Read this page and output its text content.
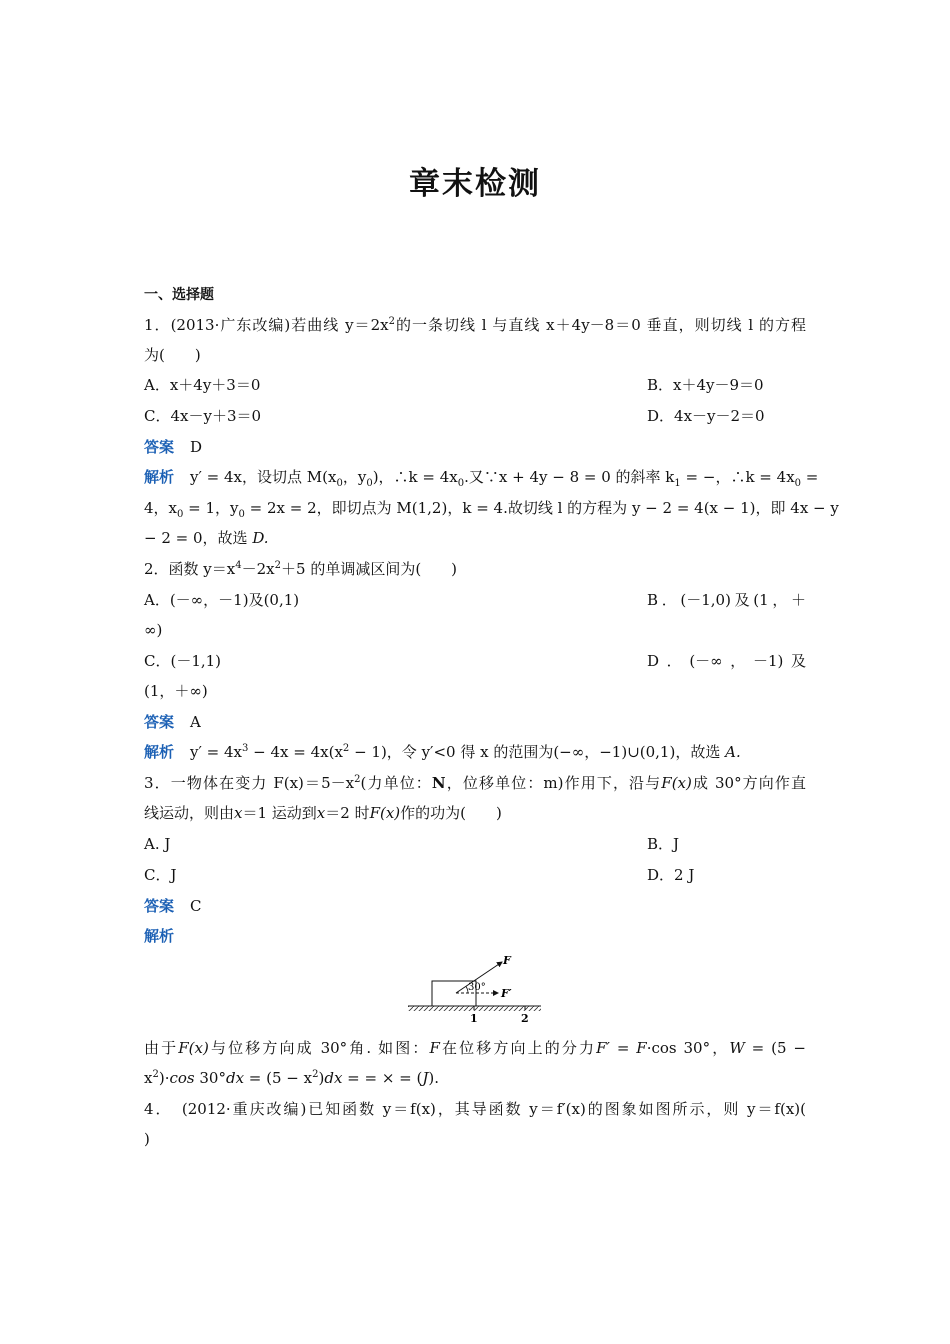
章末检测
一、选择题
1．(2013·广东改编)若曲线 $y=2x^2$的一条切线 l 与直线 x＋4y－8＝0 垂直，则切线 l 的方程
为(　　)
A．x＋4y＋3＝0	B．x＋4y－9＝0
C．4x－y＋3＝0	D．4x－y－2＝0
答案 D
解析 y′ = 4x，设切点 $M(x_0$，$y_0$)，∴k = $4x_0$.又∵x + 4y − 8 = 0 的斜率 $k_1$ = −，∴k = $4x_0$ =
4，$x_0 = 1$，$y_0 = 2x = 2$，即切点为 M(1,2)，k = 4.故切线 l 的方程为 y − 2 = 4(x − 1)，即 4x − y
− 2 = 0，故选 D.
2．函数 $y=x^4-2x^2+5$ 的单调减区间为(　　)
A．(－∞，－1)及(0,1)	B．(－1,0)及(1，＋
∞)
C．(－1,1)	D．(－∞，－1)及
(1，＋∞)
答案 A
解析 $y' = 4x^3 - 4x = 4x(x^2 - 1)$，令 y′<0 得 x 的范围为(−∞，−1)∪(0,1)，故选 A.
3．一物体在变力 $F(x)=5-x^2$(力单位：N，位移单位：m)作用下，沿与F(x)成 30°方向作直
线运动，则由x＝1 运动到x＝2 时F(x)作的功为(　　)
A. J	B．J
C．J	D．2 J
答案 C
解析
F
F′
30°
1	2
由于F(x)与位移方向成 30°角. 如图：F在位移方向上的分力F′ = F·cos 30°，W = (5 −
$x^2)\cdot\cos$ $30^\circ dx = (5 - x^2)dx$ = = × = (J).
4．　(2012·重庆改编)已知函数 y＝f(x)，其导函数 y＝f′(x)的图象如图所示，则 y＝f(x)(
)
